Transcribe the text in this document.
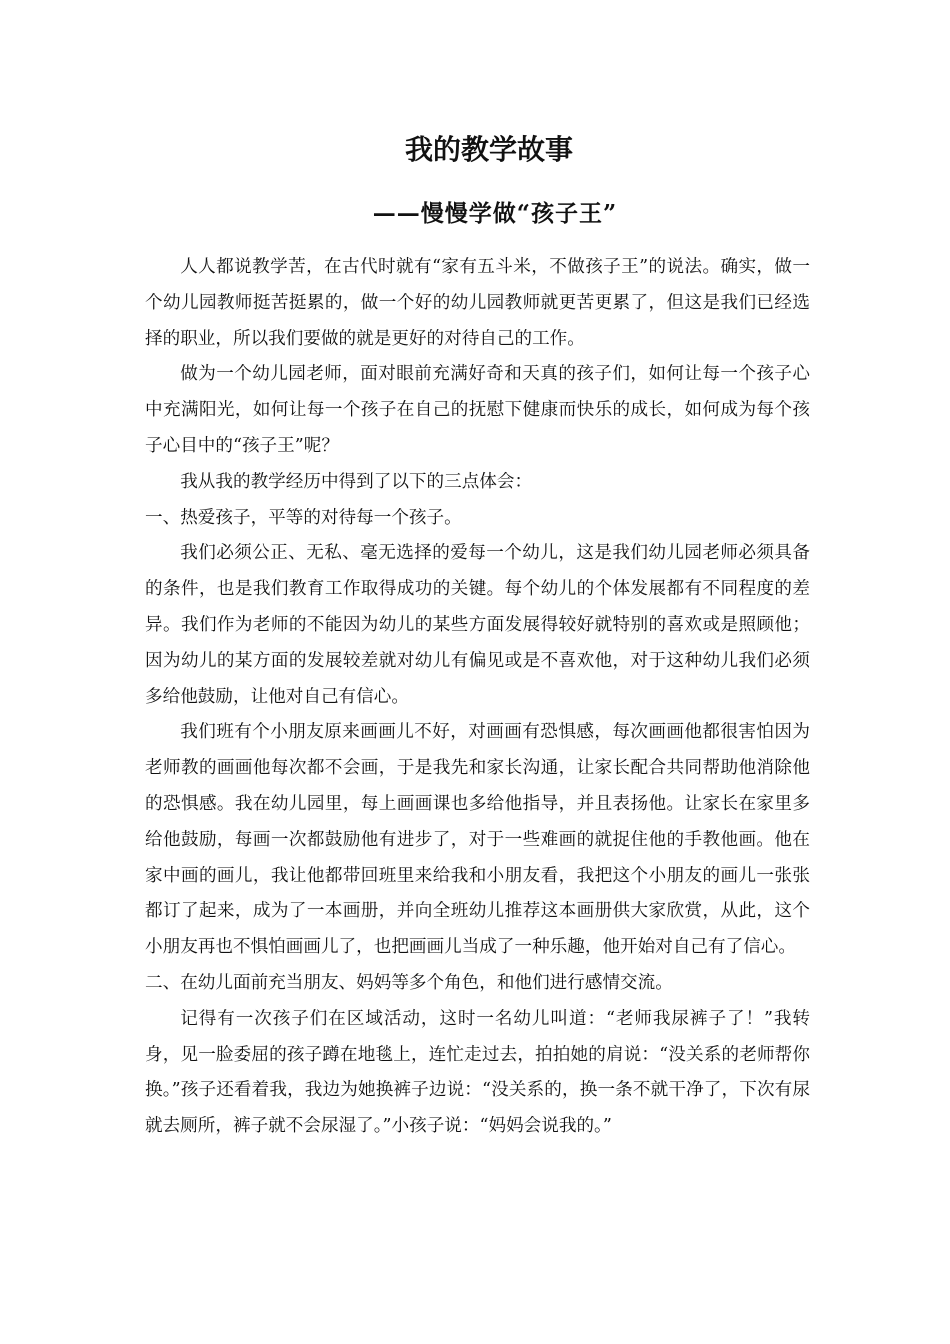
我的教学故事
——慢慢学做“孩子王”

人人都说教学苦，在古代时就有“家有五斗米，不做孩子王”的说法。确实，做一个幼儿园教师挺苦挺累的，做一个好的幼儿园教师就更苦更累了，但这是我们已经选择的职业，所以我们要做的就是更好的对待自己的工作。

做为一个幼儿园老师，面对眼前充满好奇和天真的孩子们，如何让每一个孩子心中充满阳光，如何让每一个孩子在自己的抚慰下健康而快乐的成长，如何成为每个孩子心目中的“孩子王”呢？

我从我的教学经历中得到了以下的三点体会：

一、热爱孩子，平等的对待每一个孩子。

我们必须公正、无私、毫无选择的爱每一个幼儿，这是我们幼儿园老师必须具备的条件，也是我们教育工作取得成功的关键。每个幼儿的个体发展都有不同程度的差异。我们作为老师的不能因为幼儿的某些方面发展得较好就特别的喜欢或是照顾他；因为幼儿的某方面的发展较差就对幼儿有偏见或是不喜欢他，对于这种幼儿我们必须多给他鼓励，让他对自己有信心。

我们班有个小朋友原来画画儿不好，对画画有恐惧感，每次画画他都很害怕因为老师教的画画他每次都不会画，于是我先和家长沟通，让家长配合共同帮助他消除他的恐惧感。我在幼儿园里，每上画画课也多给他指导，并且表扬他。让家长在家里多给他鼓励，每画一次都鼓励他有进步了，对于一些难画的就捉住他的手教他画。他在家中画的画儿，我让他都带回班里来给我和小朋友看，我把这个小朋友的画儿一张张都订了起来，成为了一本画册，并向全班幼儿推荐这本画册供大家欣赏，从此，这个小朋友再也不惧怕画画儿了，也把画画儿当成了一种乐趣，他开始对自己有了信心。

二、在幼儿面前充当朋友、妈妈等多个角色，和他们进行感情交流。

记得有一次孩子们在区域活动，这时一名幼儿叫道：“老师我尿裤子了！”我转身，见一脸委屈的孩子蹲在地毯上，连忙走过去，拍拍她的肩说：“没关系的老师帮你换。”孩子还看着我，我边为她换裤子边说：“没关系的，换一条不就干净了，下次有尿就去厕所，裤子就不会尿湿了。”小孩子说：“妈妈会说我的。”
